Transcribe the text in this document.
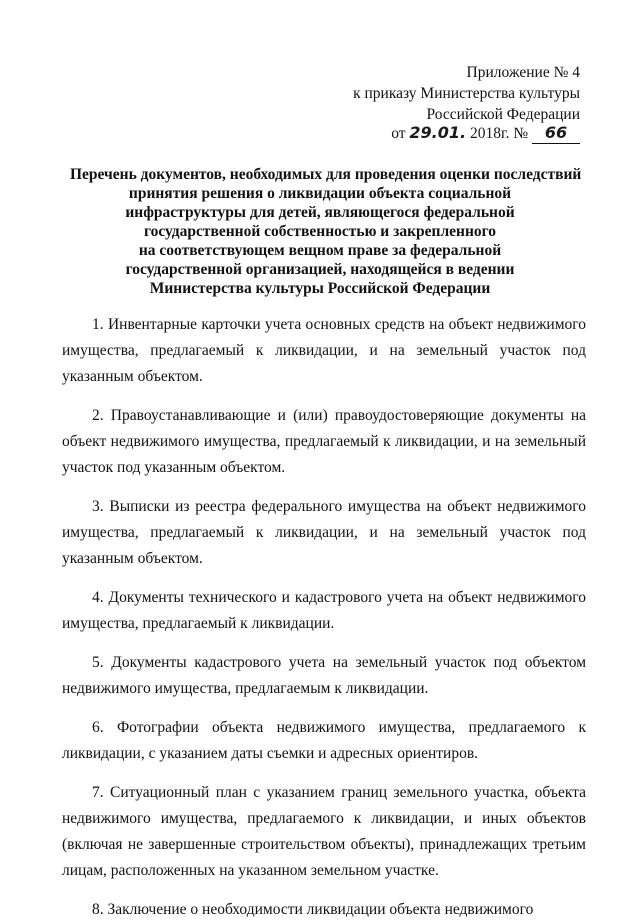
Приложение № 4
к приказу Министерства культуры
Российской Федерации
от 29.01. 2018г. № 66
Перечень документов, необходимых для проведения оценки последствий
принятия решения о ликвидации объекта социальной
инфраструктуры для детей, являющегося федеральной
государственной собственностью и закрепленного
на соответствующем вещном праве за федеральной
государственной организацией, находящейся в ведении
Министерства культуры Российской Федерации

1. Инвентарные карточки учета основных средств на объект недвижимого имущества, предлагаемый к ликвидации, и на земельный участок под указанным объектом.

2. Правоустанавливающие и (или) правоудостоверяющие документы на объект недвижимого имущества, предлагаемый к ликвидации, и на земельный участок под указанным объектом.

3. Выписки из реестра федерального имущества на объект недвижимого имущества, предлагаемый к ликвидации, и на земельный участок под указанным объектом.

4. Документы технического и кадастрового учета на объект недвижимого имущества, предлагаемый к ликвидации.

5. Документы кадастрового учета на земельный участок под объектом недвижимого имущества, предлагаемым к ликвидации.

6. Фотографии объекта недвижимого имущества, предлагаемого к ликвидации, с указанием даты съемки и адресных ориентиров.

7. Ситуационный план с указанием границ земельного участка, объекта недвижимого имущества, предлагаемого к ликвидации, и иных объектов (включая не завершенные строительством объекты), принадлежащих третьим лицам, расположенных на указанном земельном участке.

8. Заключение о необходимости ликвидации объекта недвижимого
